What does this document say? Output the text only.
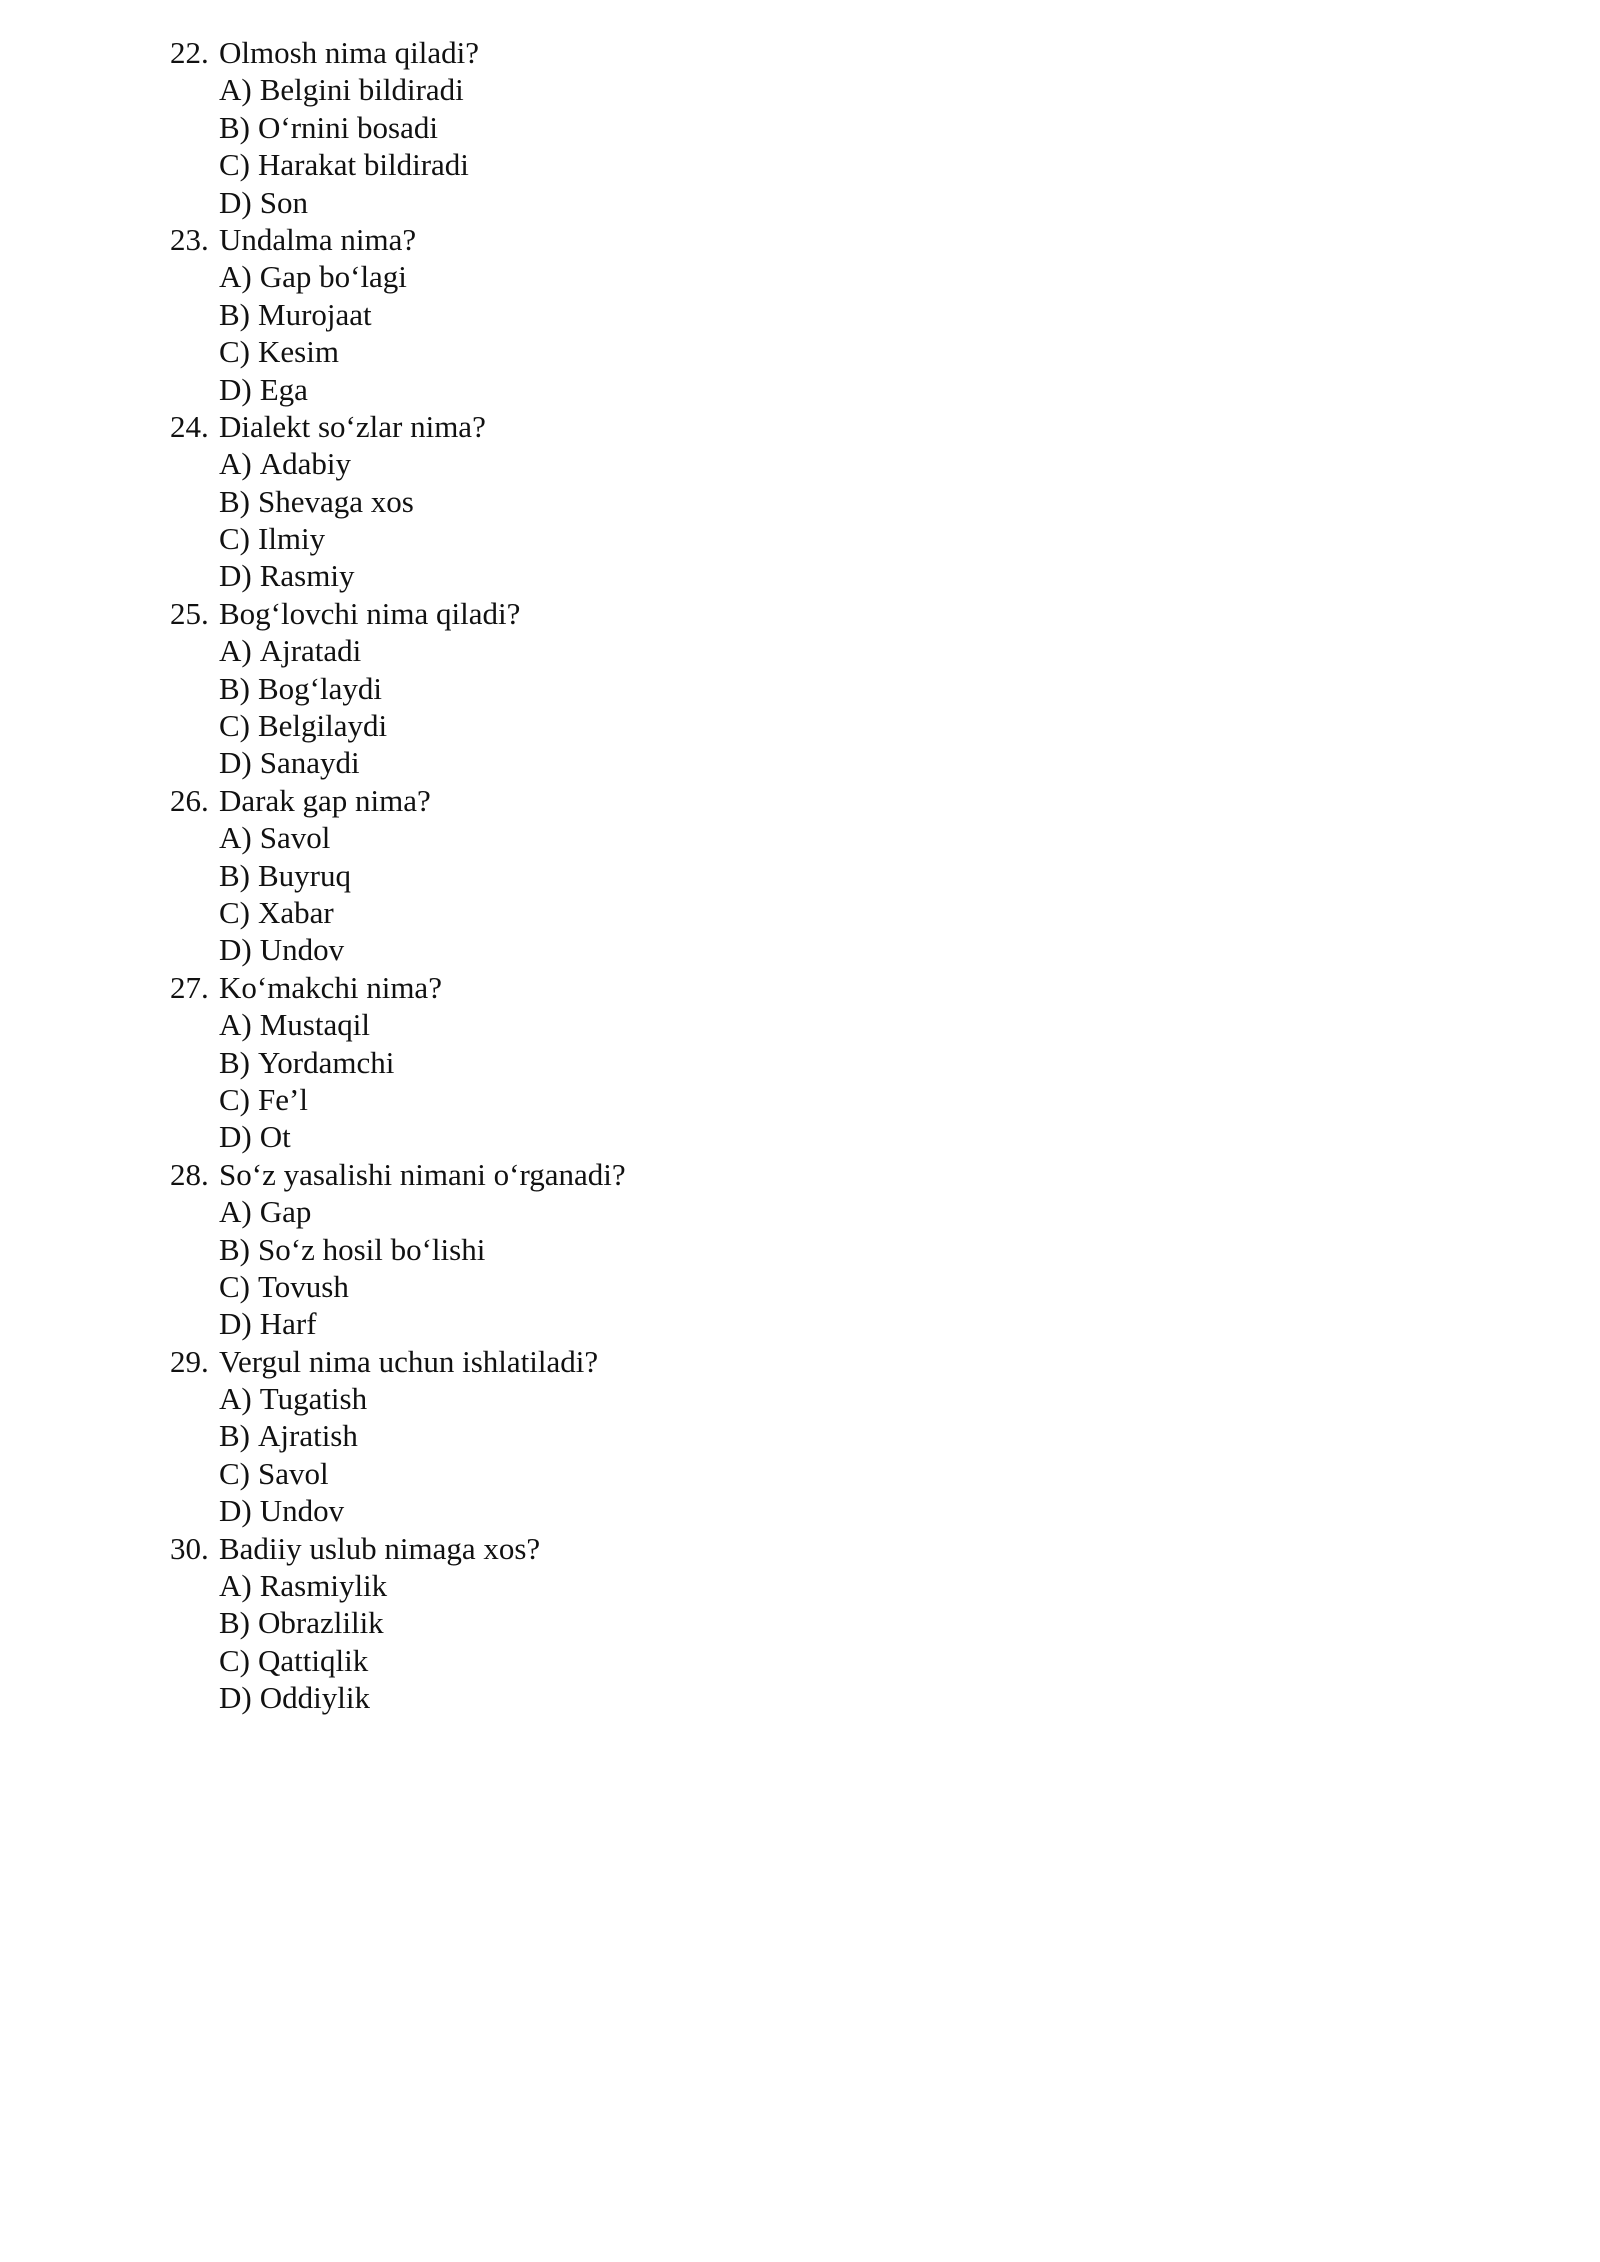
22. Olmosh nima qiladi?
A) Belgini bildiradi
B) O‘rnini bosadi
C) Harakat bildiradi
D) Son
23. Undalma nima?
A) Gap bo‘lagi
B) Murojaat
C) Kesim
D) Ega
24. Dialekt so‘zlar nima?
A) Adabiy
B) Shevaga xos
C) Ilmiy
D) Rasmiy
25. Bog‘lovchi nima qiladi?
A) Ajratadi
B) Bog‘laydi
C) Belgilaydi
D) Sanaydi
26. Darak gap nima?
A) Savol
B) Buyruq
C) Xabar
D) Undov
27. Ko‘makchi nima?
A) Mustaqil
B) Yordamchi
C) Fe’l
D) Ot
28. So‘z yasalishi nimani o‘rganadi?
A) Gap
B) So‘z hosil bo‘lishi
C) Tovush
D) Harf
29. Vergul nima uchun ishlatiladi?
A) Tugatish
B) Ajratish
C) Savol
D) Undov
30. Badiiy uslub nimaga xos?
A) Rasmiylik
B) Obrazlilik
C) Qattiqlik
D) Oddiylik
